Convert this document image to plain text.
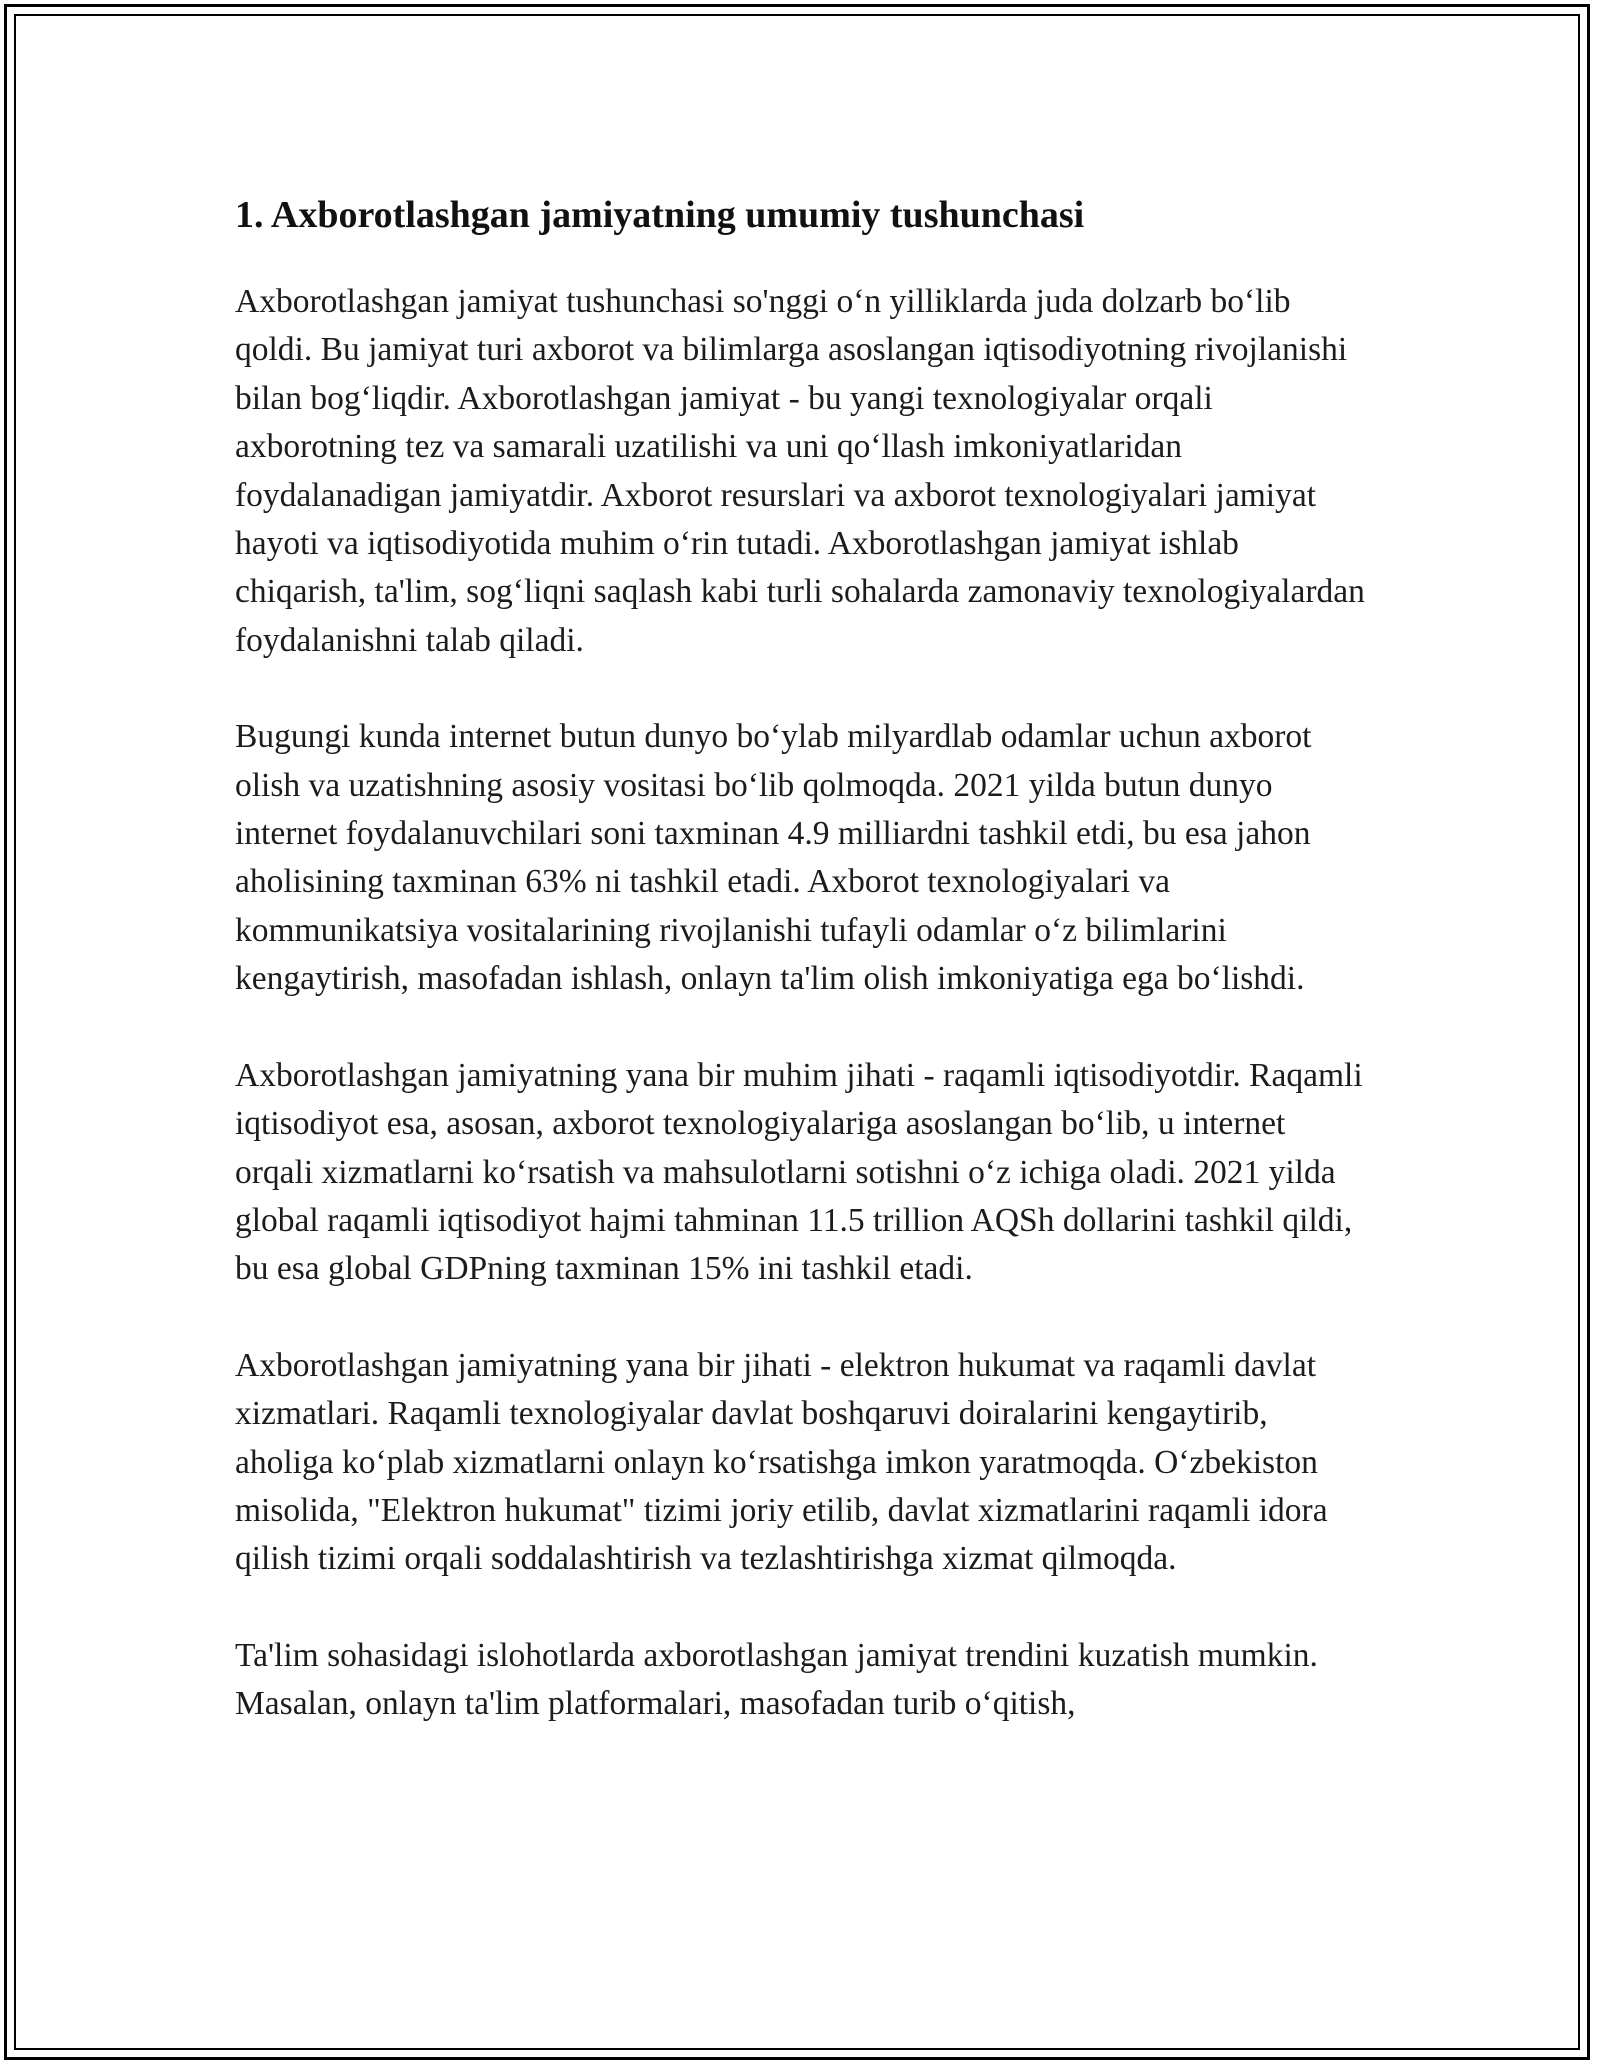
1. Axborotlashgan jamiyatning umumiy tushunchasi

Axborotlashgan jamiyat tushunchasi so'nggi o‘n yilliklarda juda dolzarb bo‘lib qoldi. Bu jamiyat turi axborot va bilimlarga asoslangan iqtisodiyotning rivojlanishi bilan bog‘liqdir. Axborotlashgan jamiyat - bu yangi texnologiyalar orqali axborotning tez va samarali uzatilishi va uni qo‘llash imkoniyatlaridan foydalanadigan jamiyatdir. Axborot resurslari va axborot texnologiyalari jamiyat hayoti va iqtisodiyotida muhim o‘rin tutadi. Axborotlashgan jamiyat ishlab chiqarish, ta'lim, sog‘liqni saqlash kabi turli sohalarda zamonaviy texnologiyalardan foydalanishni talab qiladi.

Bugungi kunda internet butun dunyo bo‘ylab milyardlab odamlar uchun axborot olish va uzatishning asosiy vositasi bo‘lib qolmoqda. 2021 yilda butun dunyo internet foydalanuvchilari soni taxminan 4.9 milliardni tashkil etdi, bu esa jahon aholisining taxminan 63% ni tashkil etadi. Axborot texnologiyalari va kommunikatsiya vositalarining rivojlanishi tufayli odamlar o‘z bilimlarini kengaytirish, masofadan ishlash, onlayn ta'lim olish imkoniyatiga ega bo‘lishdi.

Axborotlashgan jamiyatning yana bir muhim jihati - raqamli iqtisodiyotdir. Raqamli iqtisodiyot esa, asosan, axborot texnologiyalariga asoslangan bo‘lib, u internet orqali xizmatlarni ko‘rsatish va mahsulotlarni sotishni o‘z ichiga oladi. 2021 yilda global raqamli iqtisodiyot hajmi tahminan 11.5 trillion AQSh dollarini tashkil qildi, bu esa global GDPning taxminan 15% ini tashkil etadi.

Axborotlashgan jamiyatning yana bir jihati - elektron hukumat va raqamli davlat xizmatlari. Raqamli texnologiyalar davlat boshqaruvi doiralarini kengaytirib, aholiga ko‘plab xizmatlarni onlayn ko‘rsatishga imkon yaratmoqda. O‘zbekiston misolida, "Elektron hukumat" tizimi joriy etilib, davlat xizmatlarini raqamli idora qilish tizimi orqali soddalashtirish va tezlashtirishga xizmat qilmoqda.

Ta'lim sohasidagi islohotlarda axborotlashgan jamiyat trendini kuzatish mumkin. Masalan, onlayn ta'lim platformalari, masofadan turib o‘qitish,
